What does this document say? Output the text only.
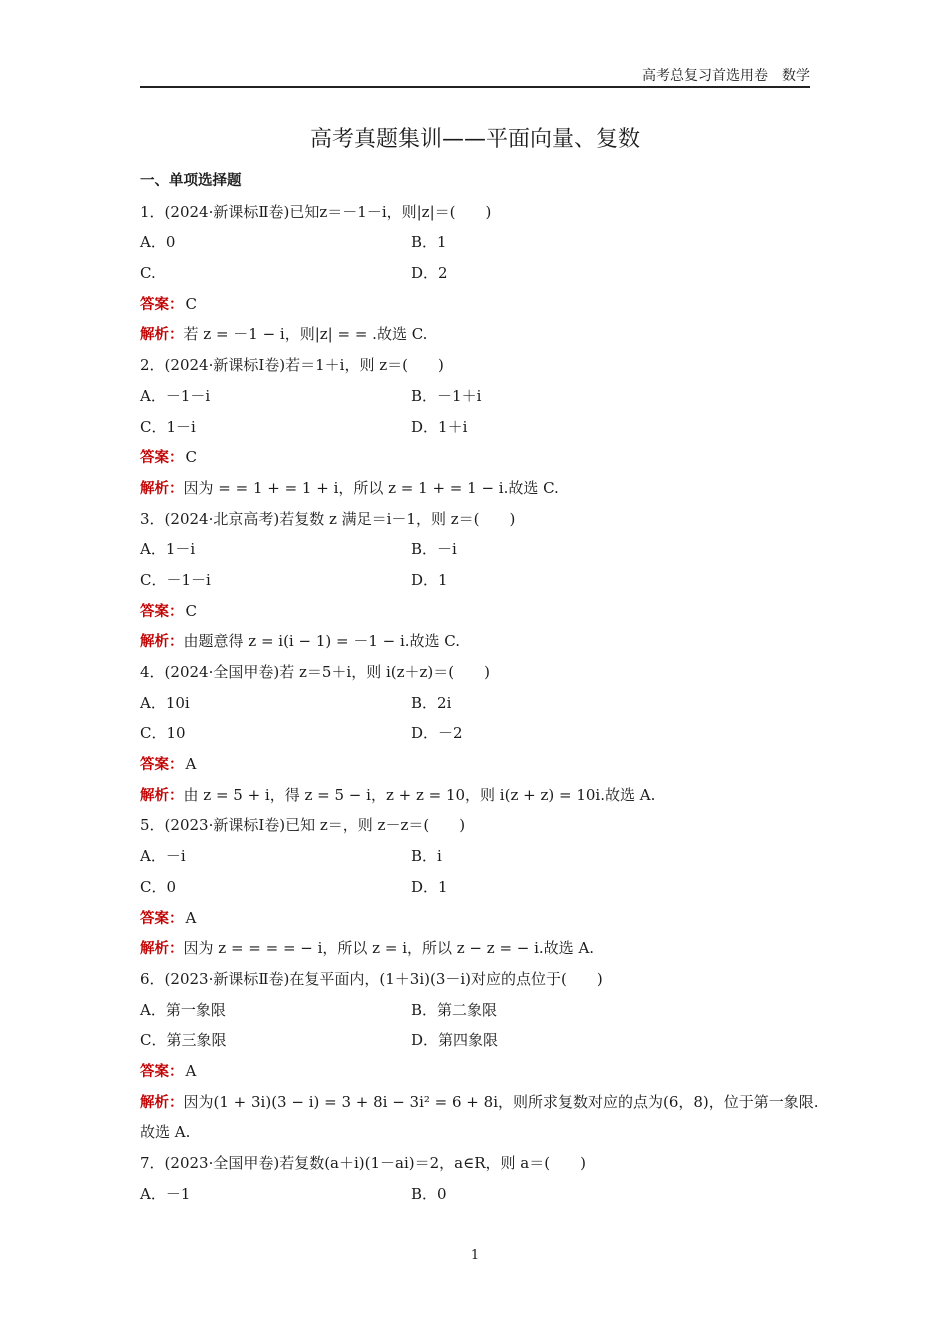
高考总复习首选用卷　数学
高考真题集训——平面向量、复数
一、单项选择题
1．(2024·新课标Ⅱ卷)已知z＝－1－i，则|z|＝(　　)
A．0	B．1
C.	D．2
答案： C
解析：若 z = －1 − i，则|z| = = .故选 C.
2．(2024·新课标Ⅰ卷)若＝1＋i，则 z＝(　　)
A．－1－i	B．－1＋i
C．1－i	D．1＋i
答案： C
解析：因为 = = 1 + = 1 + i，所以 z = 1 + = 1 − i.故选 C.
3．(2024·北京高考)若复数 z 满足＝i－1，则 z＝(　　)
A．1－i	B．－i
C．－1－i	D．1
答案： C
解析：由题意得 z = i(i − 1) = －1 − i.故选 C.
4．(2024·全国甲卷)若 z＝5＋i，则 i(z＋z)＝(　　)
A．10i	B．2i
C．10	D．－2
答案： A
解析：由 z = 5 + i，得 z = 5 − i，z + z = 10，则 i(z + z) = 10i.故选 A.
5．(2023·新课标Ⅰ卷)已知 z＝，则 z－z＝(　　)
A．－i	B．i
C．0	D．1
答案： A
解析：因为 z = = = = − i，所以 z = i，所以 z − z = − i.故选 A.
6．(2023·新课标Ⅱ卷)在复平面内，(1＋3i)(3－i)对应的点位于(　　)
A．第一象限	B．第二象限
C．第三象限	D．第四象限
答案： A
解析：因为(1 + 3i)(3 − i) = 3 + 8i − 3i² = 6 + 8i，则所求复数对应的点为(6，8)，位于第一象限.
故选 A.
7．(2023·全国甲卷)若复数(a＋i)(1－ai)＝2，a∈R，则 a＝(　　)
A．－1	B．0
1
